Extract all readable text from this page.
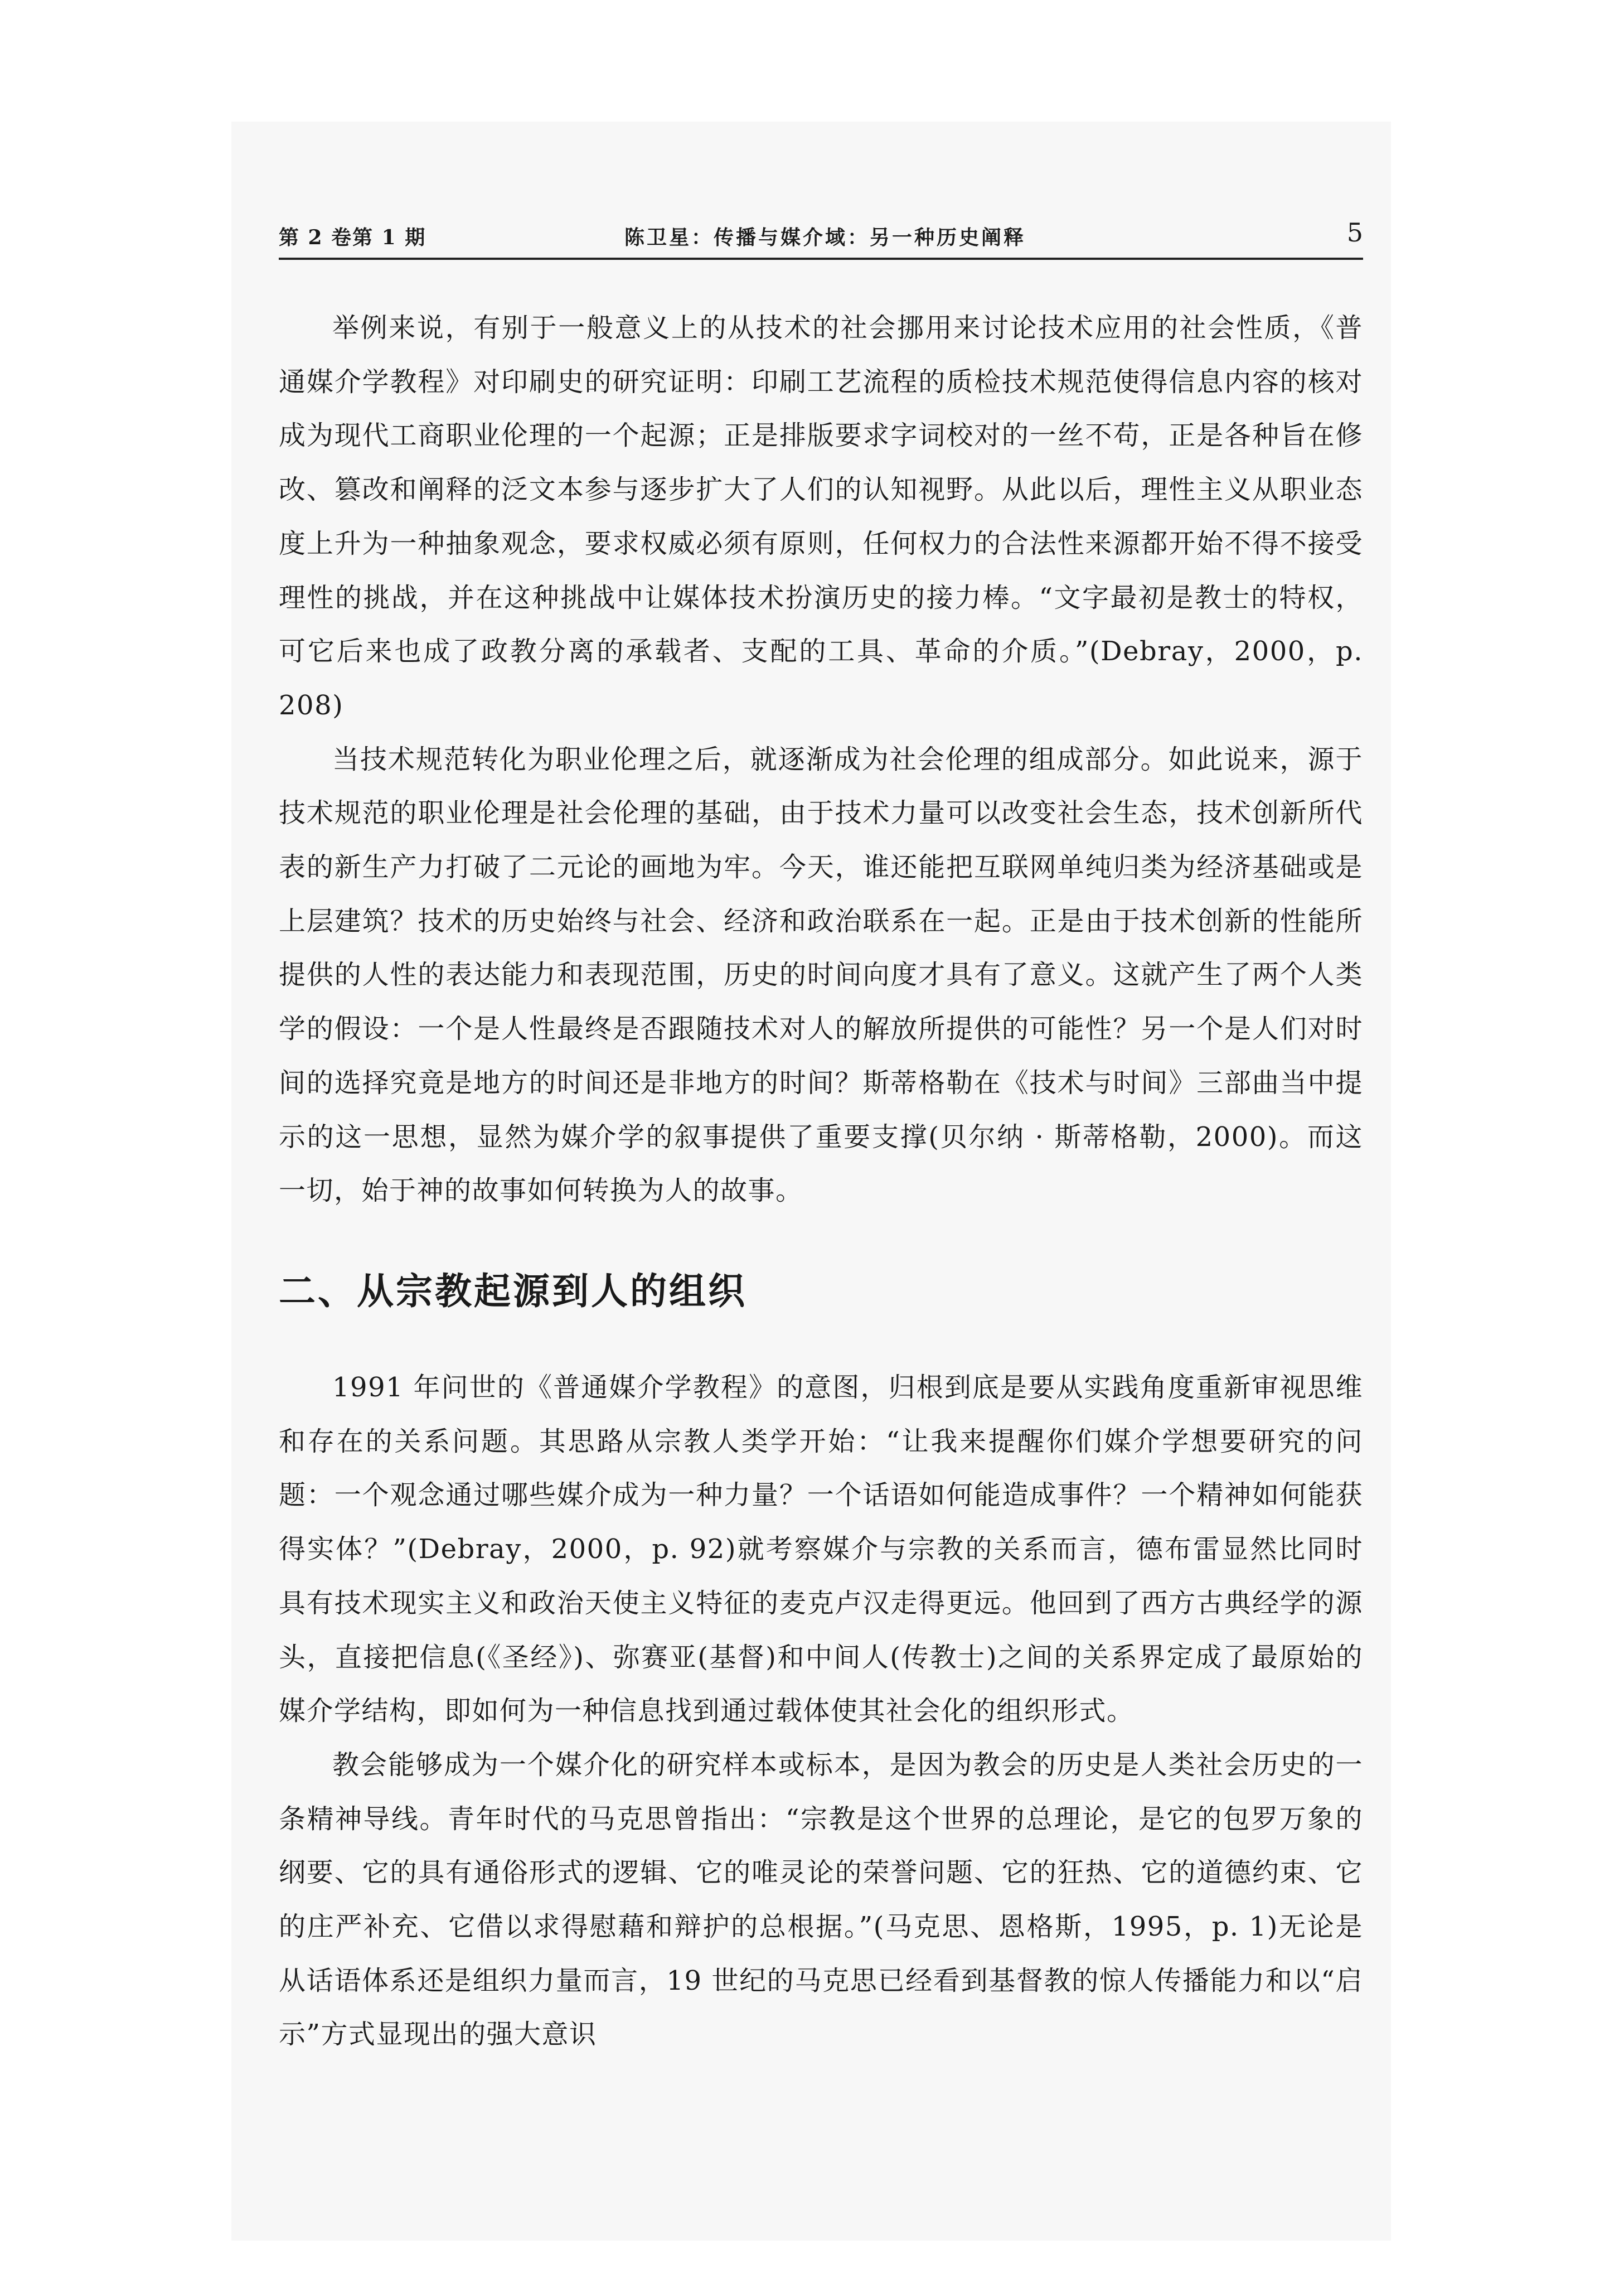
第 2 卷第 1 期	陈卫星：传播与媒介域：另一种历史阐释	5

举例来说，有别于一般意义上的从技术的社会挪用来讨论技术应用的社会性质，《普通媒介学教程》对印刷史的研究证明：印刷工艺流程的质检技术规范使得信息内容的核对成为现代工商职业伦理的一个起源；正是排版要求字词校对的一丝不苟，正是各种旨在修改、篡改和阐释的泛文本参与逐步扩大了人们的认知视野。从此以后，理性主义从职业态度上升为一种抽象观念，要求权威必须有原则，任何权力的合法性来源都开始不得不接受理性的挑战，并在这种挑战中让媒体技术扮演历史的接力棒。“文字最初是教士的特权，可它后来也成了政教分离的承载者、支配的工具、革命的介质。”(Debray，2000，p. 208)

当技术规范转化为职业伦理之后，就逐渐成为社会伦理的组成部分。如此说来，源于技术规范的职业伦理是社会伦理的基础，由于技术力量可以改变社会生态，技术创新所代表的新生产力打破了二元论的画地为牢。今天，谁还能把互联网单纯归类为经济基础或是上层建筑？技术的历史始终与社会、经济和政治联系在一起。正是由于技术创新的性能所提供的人性的表达能力和表现范围，历史的时间向度才具有了意义。这就产生了两个人类学的假设：一个是人性最终是否跟随技术对人的解放所提供的可能性？另一个是人们对时间的选择究竟是地方的时间还是非地方的时间？斯蒂格勒在《技术与时间》三部曲当中提示的这一思想，显然为媒介学的叙事提供了重要支撑(贝尔纳 · 斯蒂格勒，2000)。而这一切，始于神的故事如何转换为人的故事。

二、从宗教起源到人的组织

1991 年问世的《普通媒介学教程》的意图，归根到底是要从实践角度重新审视思维和存在的关系问题。其思路从宗教人类学开始：“让我来提醒你们媒介学想要研究的问题：一个观念通过哪些媒介成为一种力量？一个话语如何能造成事件？一个精神如何能获得实体？”(Debray，2000，p. 92)就考察媒介与宗教的关系而言，德布雷显然比同时具有技术现实主义和政治天使主义特征的麦克卢汉走得更远。他回到了西方古典经学的源头，直接把信息(《圣经》)、弥赛亚(基督)和中间人(传教士)之间的关系界定成了最原始的媒介学结构，即如何为一种信息找到通过载体使其社会化的组织形式。

教会能够成为一个媒介化的研究样本或标本，是因为教会的历史是人类社会历史的一条精神导线。青年时代的马克思曾指出：“宗教是这个世界的总理论，是它的包罗万象的纲要、它的具有通俗形式的逻辑、它的唯灵论的荣誉问题、它的狂热、它的道德约束、它的庄严补充、它借以求得慰藉和辩护的总根据。”(马克思、恩格斯，1995，p. 1)无论是从话语体系还是组织力量而言，19 世纪的马克思已经看到基督教的惊人传播能力和以“启示”方式显现出的强大意识
